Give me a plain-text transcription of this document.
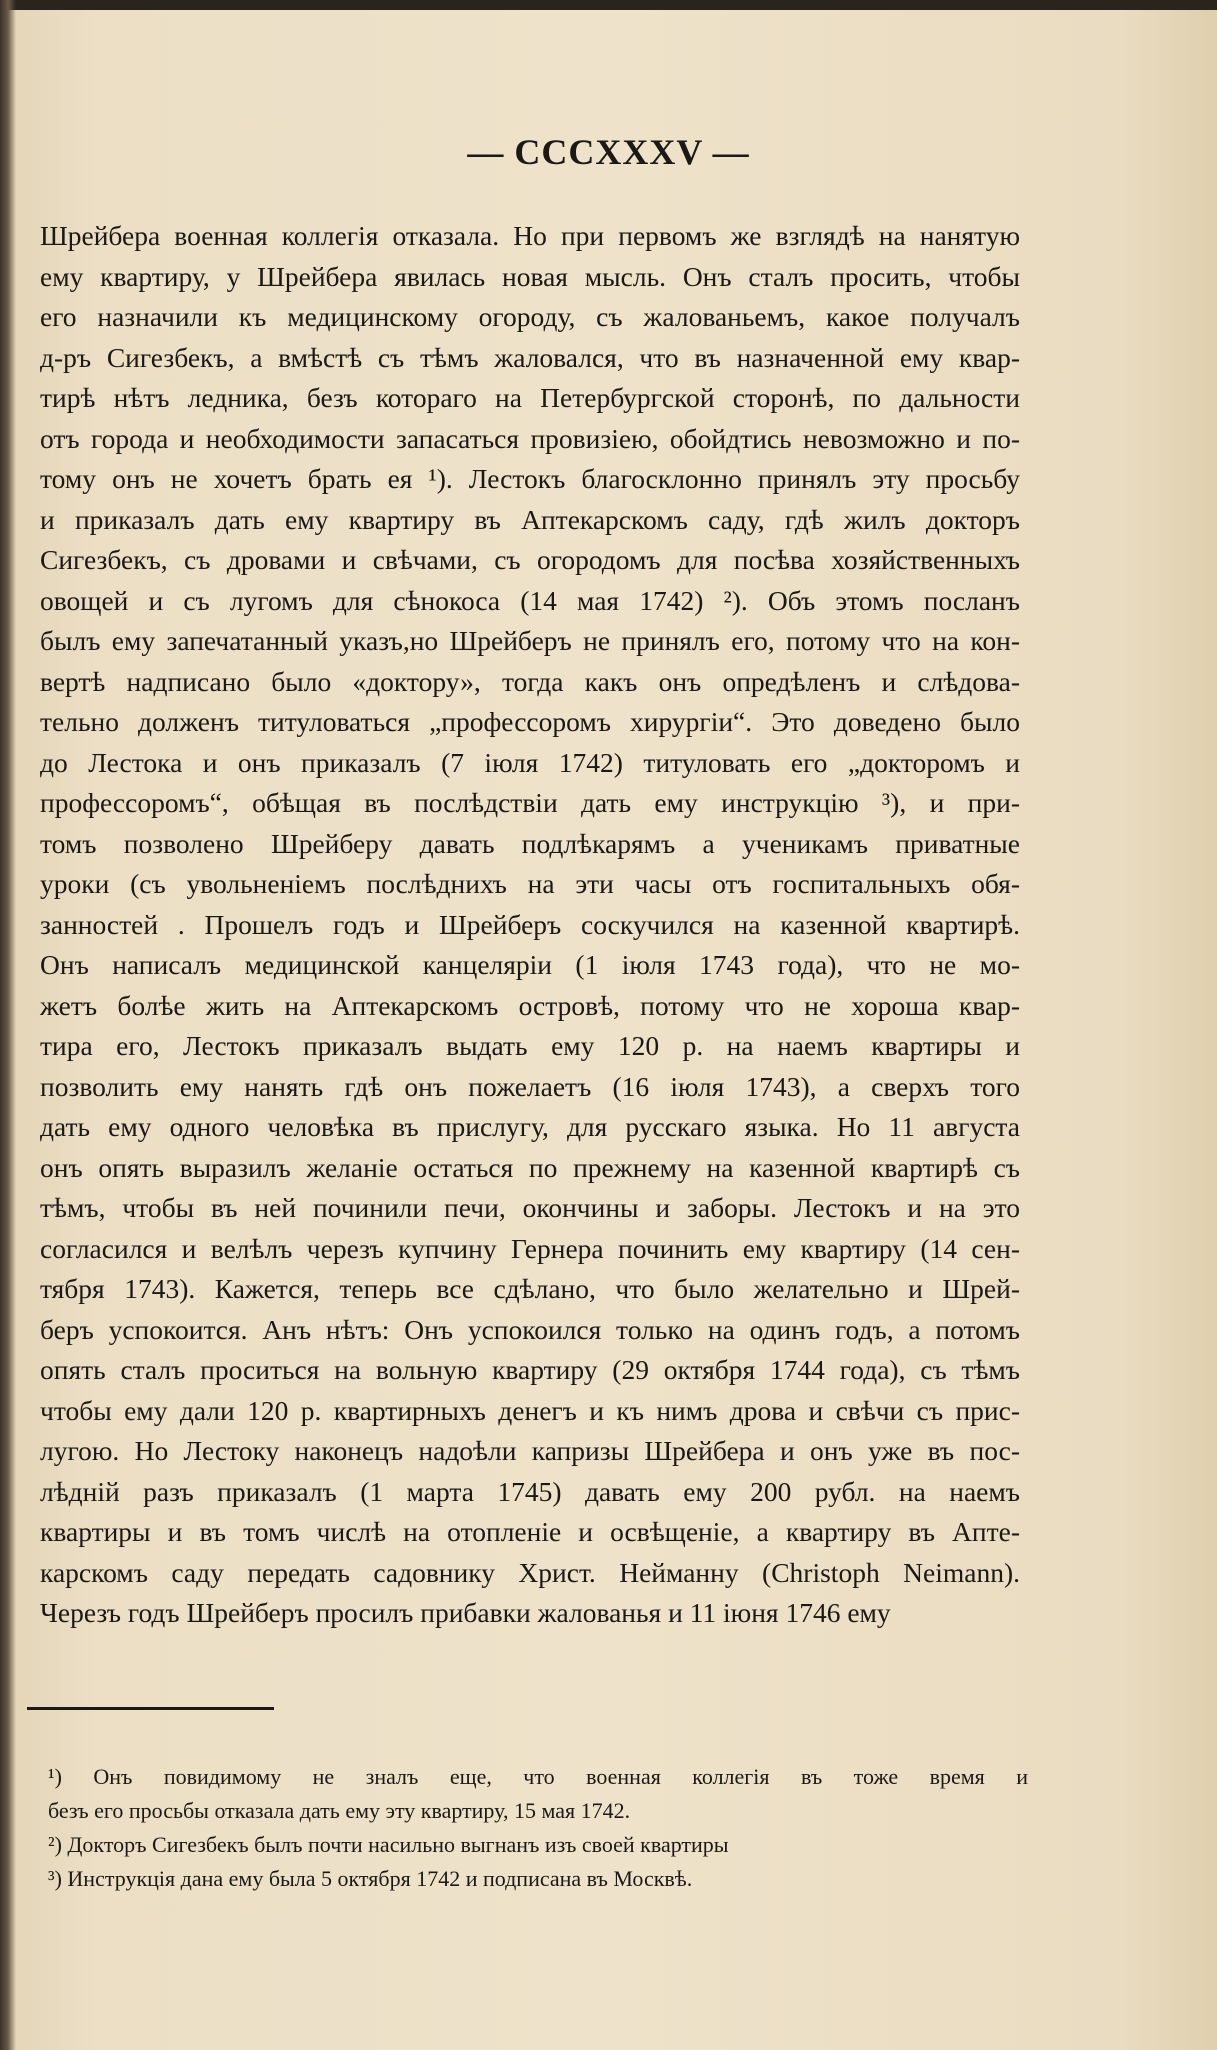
— CCCXXXV —
Шрейбера военная коллегія отказала. Но при первомъ же взглядѣ на нанятую
ему квартиру, у Шрейбера явилась новая мысль. Онъ сталъ просить, чтобы
его назначили къ медицинскому огороду, съ жалованьемъ, какое получалъ
д-ръ Сигезбекъ, а вмѣстѣ съ тѣмъ жаловался, что въ назначенной ему квар-
тирѣ нѣтъ ледника, безъ котораго на Петербургской сторонѣ, по дальности
отъ города и необходимости запасаться провизіею, обойдтись невозможно и по-
тому онъ не хочетъ брать ея ¹). Лестокъ благосклонно принялъ эту просьбу
и приказалъ дать ему квартиру въ Аптекарскомъ саду, гдѣ жилъ докторъ
Сигезбекъ, съ дровами и свѣчами, съ огородомъ для посѣва хозяйственныхъ
овощей и съ лугомъ для сѣнокоса (14 мая 1742) ²). Объ этомъ посланъ
былъ ему запечатанный указъ,но Шрейберъ не принялъ его, потому что на кон-
вертѣ надписано было «доктору», тогда какъ онъ опредѣленъ и слѣдова-
тельно долженъ титуловаться „профессоромъ хирургіи“. Это доведено было
до Лестока и онъ приказалъ (7 іюля 1742) титуловать его „докторомъ и
профессоромъ“, обѣщая въ послѣдствіи дать ему инструкцію ³), и при-
томъ позволено Шрейберу давать подлѣкарямъ а ученикамъ приватные
уроки (съ увольненіемъ послѣднихъ на эти часы отъ госпитальныхъ обя-
занностей . Прошелъ годъ и Шрейберъ соскучился на казенной квартирѣ.
Онъ написалъ медицинской канцеляріи (1 іюля 1743 года), что не мо-
жетъ болѣе жить на Аптекарскомъ островѣ, потому что не хороша квар-
тира его, Лестокъ приказалъ выдать ему 120 р. на наемъ квартиры и
позволить ему нанять гдѣ онъ пожелаетъ (16 іюля 1743), а сверхъ того
дать ему одного человѣка въ прислугу, для русскаго языка. Но 11 августа
онъ опять выразилъ желаніе остаться по прежнему на казенной квартирѣ съ
тѣмъ, чтобы въ ней починили печи, окончины и заборы. Лестокъ и на это
согласился и велѣлъ черезъ купчину Гернера починить ему квартиру (14 сен-
тября 1743). Кажется, теперь все сдѣлано, что было желательно и Шрей-
беръ успокоится. Анъ нѣтъ: Онъ успокоился только на одинъ годъ, а потомъ
опять сталъ проситься на вольную квартиру (29 октября 1744 года), съ тѣмъ
чтобы ему дали 120 р. квартирныхъ денегъ и къ нимъ дрова и свѣчи съ прис-
лугою. Но Лестоку наконецъ надоѣли капризы Шрейбера и онъ уже въ пос-
лѣдній разъ приказалъ (1 марта 1745) давать ему 200 рубл. на наемъ
квартиры и въ томъ числѣ на отопленіе и освѣщеніе, а квартиру въ Апте-
карскомъ саду передать садовнику Христ. Нейманну (Christoph Neimann).
Черезъ годъ Шрейберъ просилъ прибавки жалованья и 11 іюня 1746 ему
¹) Онъ повидимому не зналъ еще, что военная коллегія въ тоже время и
безъ его просьбы отказала дать ему эту квартиру, 15 мая 1742.
²) Докторъ Сигезбекъ былъ почти насильно выгнанъ изъ своей квартиры
³) Инструкція дана ему была 5 октября 1742 и подписана въ Москвѣ.
